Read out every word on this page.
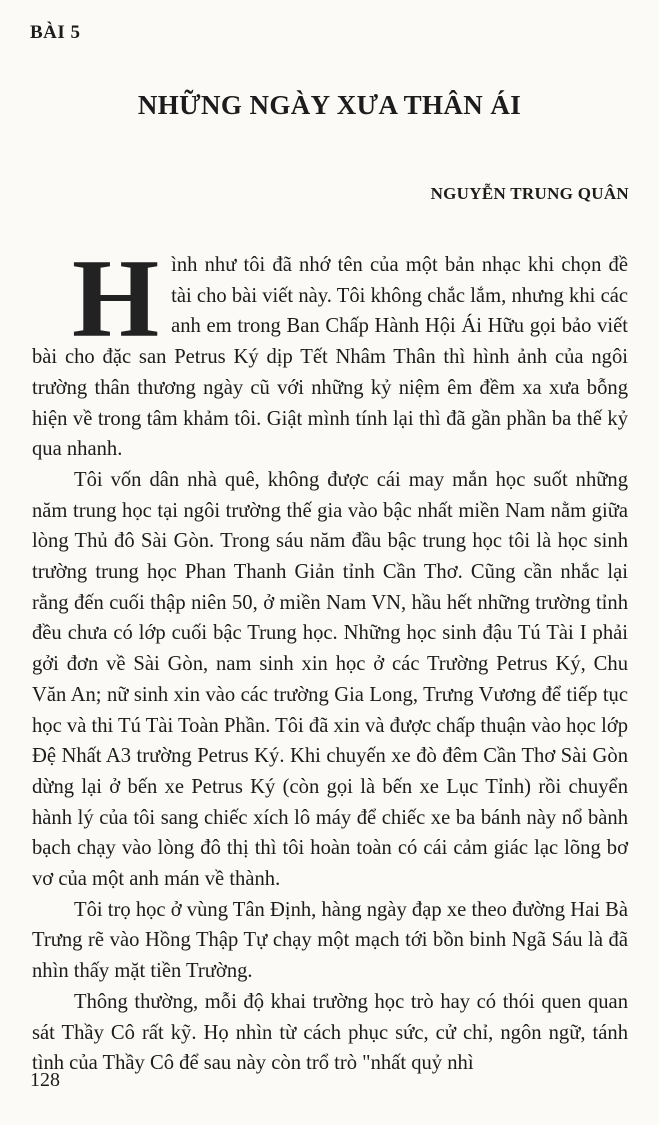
BÀI 5
NHỮNG NGÀY XƯA THÂN ÁI
NGUYỄN TRUNG QUÂN

Hình như tôi đã nhớ tên của một bản nhạc khi chọn đề tài cho bài viết này. Tôi không chắc lắm, nhưng khi các anh em trong Ban Chấp Hành Hội Ái Hữu gọi bảo viết bài cho đặc san Petrus Ký dịp Tết Nhâm Thân thì hình ảnh của ngôi trường thân thương ngày cũ với những kỷ niệm êm đềm xa xưa bỗng hiện về trong tâm khảm tôi. Giật mình tính lại thì đã gần phần ba thế kỷ qua nhanh.

Tôi vốn dân nhà quê, không được cái may mắn học suốt những năm trung học tại ngôi trường thế gia vào bậc nhất miền Nam nằm giữa lòng Thủ đô Sài Gòn. Trong sáu năm đầu bậc trung học tôi là học sinh trường trung học Phan Thanh Giản tỉnh Cần Thơ. Cũng cần nhắc lại rằng đến cuối thập niên 50, ở miền Nam VN, hầu hết những trường tỉnh đều chưa có lớp cuối bậc Trung học. Những học sinh đậu Tú Tài I phải gởi đơn về Sài Gòn, nam sinh xin học ở các Trường Petrus Ký, Chu Văn An; nữ sinh xin vào các trường Gia Long, Trưng Vương để tiếp tục học và thi Tú Tài Toàn Phần. Tôi đã xin và được chấp thuận vào học lớp Đệ Nhất A3 trường Petrus Ký. Khi chuyến xe đò đêm Cần Thơ Sài Gòn dừng lại ở bến xe Petrus Ký (còn gọi là bến xe Lục Tỉnh) rồi chuyển hành lý của tôi sang chiếc xích lô máy để chiếc xe ba bánh này nổ bành bạch chạy vào lòng đô thị thì tôi hoàn toàn có cái cảm giác lạc lõng bơ vơ của một anh mán về thành.

Tôi trọ học ở vùng Tân Định, hàng ngày đạp xe theo đường Hai Bà Trưng rẽ vào Hồng Thập Tự chạy một mạch tới bồn binh Ngã Sáu là đã nhìn thấy mặt tiền Trường.

Thông thường, mỗi độ khai trường học trò hay có thói quen quan sát Thầy Cô rất kỹ. Họ nhìn từ cách phục sức, cử chỉ, ngôn ngữ, tánh tình của Thầy Cô để sau này còn trổ trò "nhất quỷ nhì

128
